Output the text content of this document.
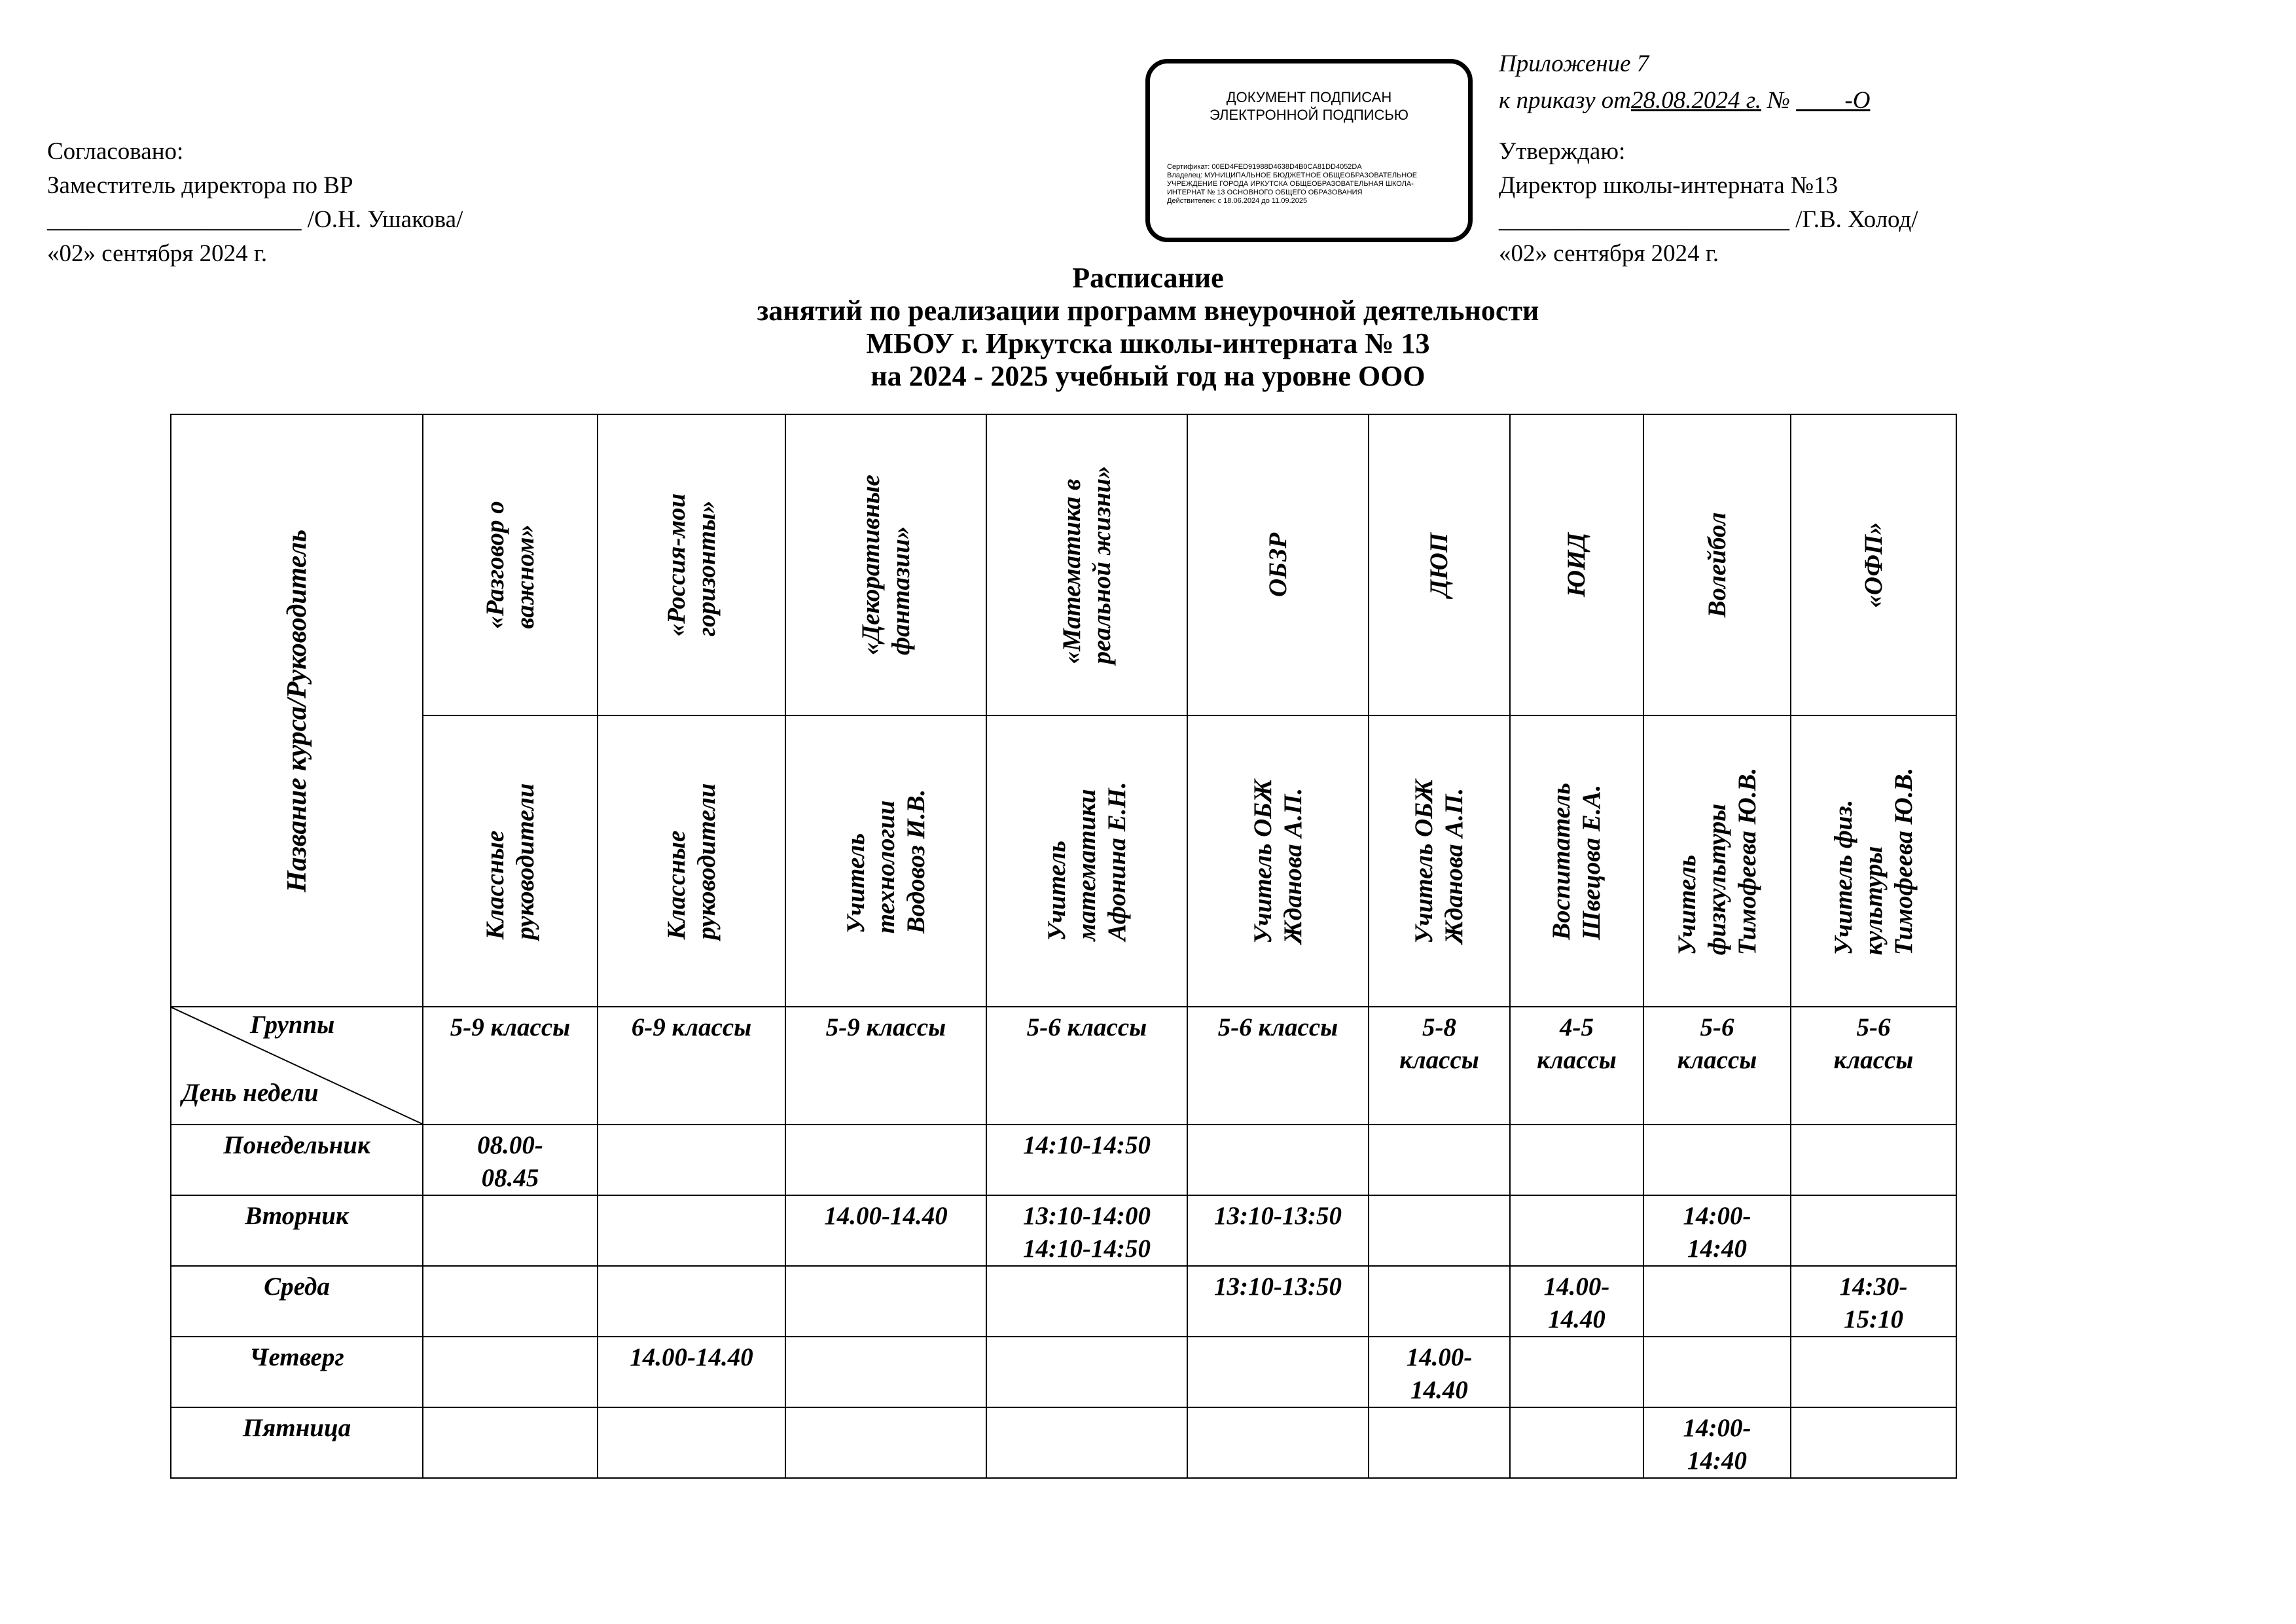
Приложение 7
к приказу от28.08.2024 г. № ____-О
ДОКУМЕНТ ПОДПИСАН
ЭЛЕКТРОННОЙ ПОДПИСЬЮ
Сертификат: 00ED4FED91988D4638D4B0CA81DD4052DA
Владелец: МУНИЦИПАЛЬНОЕ БЮДЖЕТНОЕ ОБЩЕОБРАЗОВАТЕЛЬНОЕ
УЧРЕЖДЕНИЕ ГОРОДА ИРКУТСКА ОБЩЕОБРАЗОВАТЕЛЬНАЯ ШКОЛА-
ИНТЕРНАТ № 13 ОСНОВНОГО ОБЩЕГО ОБРАЗОВАНИЯ
Действителен: с 18.06.2024 до 11.09.2025
Согласовано:
Заместитель директора по ВР
_____________________ /О.Н. Ушакова/
«02» сентября 2024 г.
Утверждаю:
Директор школы-интерната №13
________________________ /Г.В. Холод/
«02» сентября 2024 г.
Расписание
занятий по реализации программ внеурочной деятельности
МБОУ г. Иркутска школы-интерната № 13
на 2024 - 2025 учебный год на уровне ООО
Название курса/Руководитель	«Разговор о
важном»	«Россия-мои
горизонты»	«Декоративные
фантазии»	«Математика в
реальной жизни»	ОБЗР	ДЮП	ЮИД	Волейбол	«ОФП»

	Классные
руководители	Классные
руководители	Учитель
технологии
Водовоз И.В.	Учитель
математики
Афонина Е.Н.	Учитель ОБЖ
Жданова А.П.	Учитель ОБЖ
Жданова А.П.	Воспитатель
Швецова Е.А.	Учитель
физкультуры
Тимофеева Ю.В.	Учитель физ.
культуры
Тимофеева Ю.В.

Группы
День недели	5-9 классы	6-9 классы	5-9 классы	5-6 классы	5-6 классы	5-8
классы	4-5
классы	5-6
классы	5-6
классы

Понедельник	08.00-
08.45			14:10-14:50					

Вторник			14.00-14.40	13:10-14:00
14:10-14:50	13:10-13:50			14:00-
14:40	

Среда					13:10-13:50		14.00-
14.40		14:30-
15:10

Четверг		14.00-14.40				14.00-
14.40			

Пятница								14:00-
14:40	
